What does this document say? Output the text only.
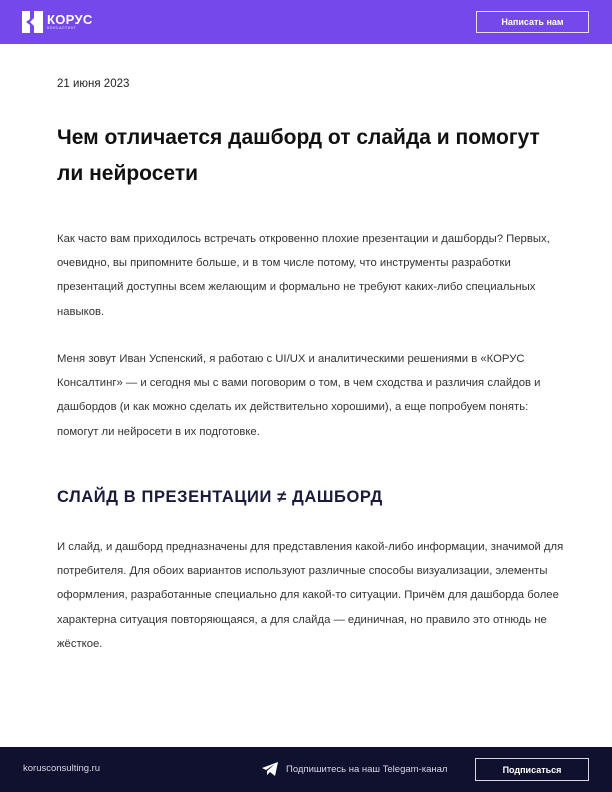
КОРУС
КОНСАЛТИНГ
Написать нам
21 июня 2023
Чем отличается дашборд от слайда и помогут ли нейросети

Как часто вам приходилось встречать откровенно плохие презентации и дашборды? Первых, очевидно, вы припомните больше, и в том числе потому, что инструменты разработки презентаций доступны всем желающим и формально не требуют каких-либо специальных навыков.

Меня зовут Иван Успенский, я работаю с UI/UX и аналитическими решениями в «КОРУС Консалтинг» — и сегодня мы с вами поговорим о том, в чем сходства и различия слайдов и дашбордов (и как можно сделать их действительно хорошими), а еще попробуем понять: помогут ли нейросети в их подготовке.

СЛАЙД В ПРЕЗЕНТАЦИИ ≠ ДАШБОРД

И слайд, и дашборд предназначены для представления какой-либо информации, значимой для потребителя. Для обоих вариантов используют различные способы визуализации, элементы оформления, разработанные специально для какой-то ситуации. Причём для дашборда более характерна ситуация повторяющаяся, а для слайда — единичная, но правило это отнюдь не жёсткое.

korusconsulting.ru	Подпишитесь на наш Telegam-канал	Подписаться
